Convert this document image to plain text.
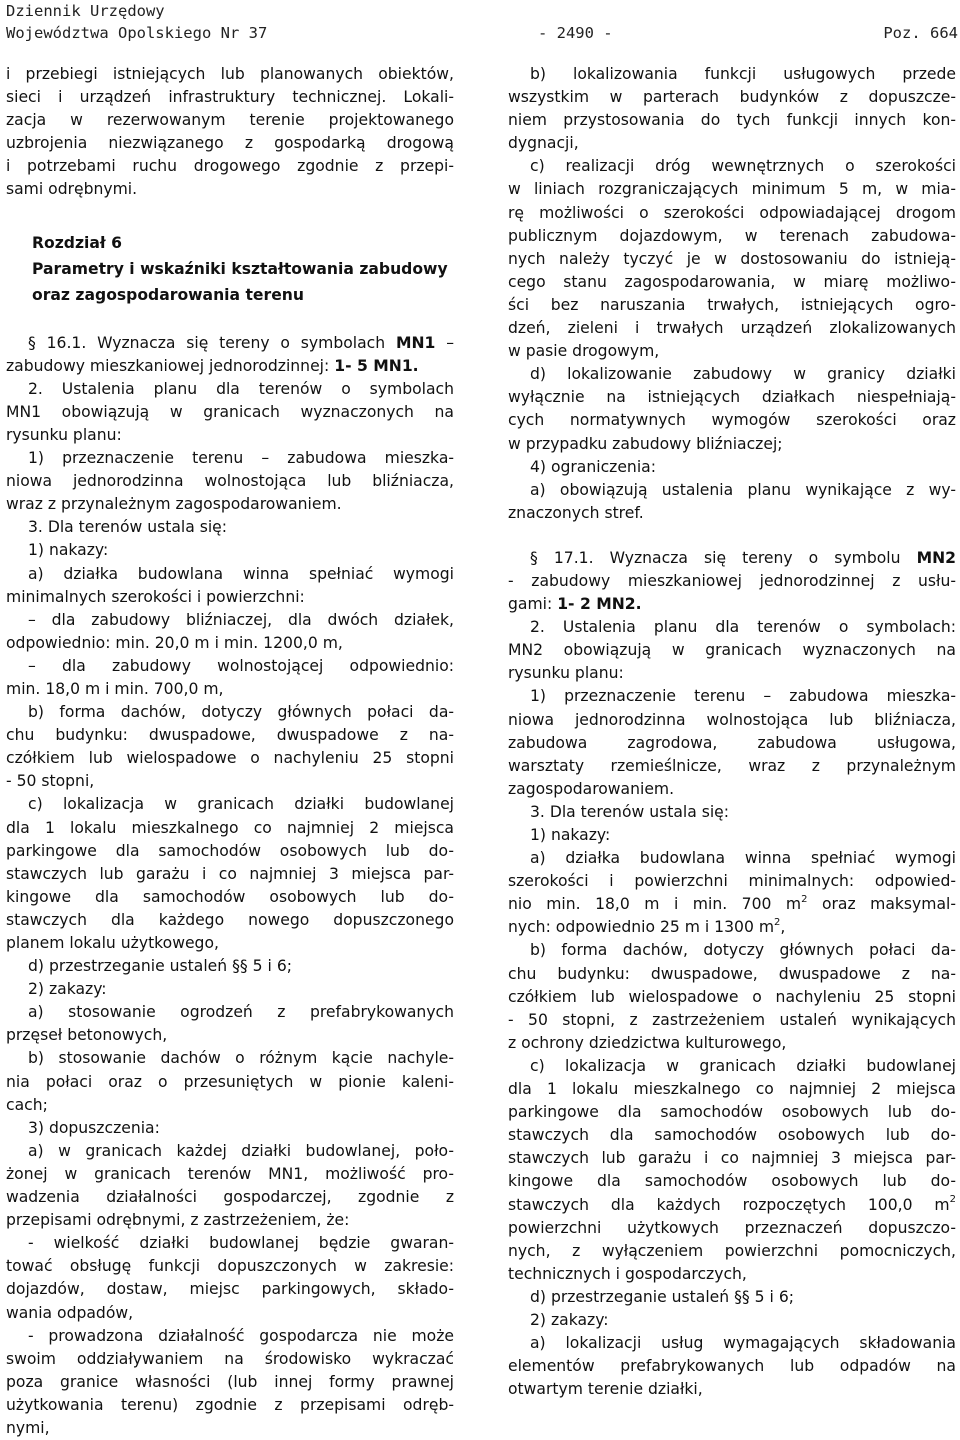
Dziennik Urzędowy
Województwa Opolskiego Nr 37	- 2490 -	Poz. 664

i przebiegi istniejących lub planowanych obiektów,

sieci i urządzeń infrastruktury technicznej. Lokali-

zacja w rezerwowanym terenie projektowanego

uzbrojenia niezwiązanego z gospodarką drogową

i potrzebami ruchu drogowego zgodnie z przepi-

sami odrębnymi.

Rozdział 6

Parametry i wskaźniki kształtowania zabudowy

oraz zagospodarowania terenu

§ 16.1. Wyznacza się tereny o symbolach MN1 –

zabudowy mieszkaniowej jednorodzinnej: 1- 5 MN1.

2. Ustalenia planu dla terenów o symbolach

MN1 obowiązują w granicach wyznaczonych na

rysunku planu:

1) przeznaczenie terenu – zabudowa mieszka-

niowa jednorodzinna wolnostojąca lub bliźniacza,

wraz z przynależnym zagospodarowaniem.

3. Dla terenów ustala się:

1) nakazy:

a) działka budowlana winna spełniać wymogi

minimalnych szerokości i powierzchni:

– dla zabudowy bliźniaczej, dla dwóch działek,

odpowiednio: min. 20,0 m i min. 1200,0 m,

– dla zabudowy wolnostojącej odpowiednio:

min. 18,0 m i min. 700,0 m,

b) forma dachów, dotyczy głównych połaci da-

chu budynku: dwuspadowe, dwuspadowe z na-

czółkiem lub wielospadowe o nachyleniu 25 stopni

- 50 stopni,

c) lokalizacja w granicach działki budowlanej

dla 1 lokalu mieszkalnego co najmniej 2 miejsca

parkingowe dla samochodów osobowych lub do-

stawczych lub garażu i co najmniej 3 miejsca par-

kingowe dla samochodów osobowych lub do-

stawczych dla każdego nowego dopuszczonego

planem lokalu użytkowego,

d) przestrzeganie ustaleń §§ 5 i 6;

2) zakazy:

a) stosowanie ogrodzeń z prefabrykowanych

przęseł betonowych,

b) stosowanie dachów o różnym kącie nachyle-

nia połaci oraz o przesuniętych w pionie kaleni-

cach;

3) dopuszczenia:

a) w granicach każdej działki budowlanej, poło-

żonej w granicach terenów MN1, możliwość pro-

wadzenia działalności gospodarczej, zgodnie z

przepisami odrębnymi, z zastrzeżeniem, że:

- wielkość działki budowlanej będzie gwaran-

tować obsługę funkcji dopuszczonych w zakresie:

dojazdów, dostaw, miejsc parkingowych, składo-

wania odpadów,

- prowadzona działalność gospodarcza nie może

swoim oddziaływaniem na środowisko wykraczać

poza granice własności (lub innej formy prawnej

użytkowania terenu) zgodnie z przepisami odręb-

nymi,

b) lokalizowania funkcji usługowych przede

wszystkim w parterach budynków z dopuszcze-

niem przystosowania do tych funkcji innych kon-

dygnacji,

c) realizacji dróg wewnętrznych o szerokości

w liniach rozgraniczających minimum 5 m, w mia-

rę możliwości o szerokości odpowiadającej drogom

publicznym dojazdowym, w terenach zabudowa-

nych należy tyczyć je w dostosowaniu do istnieją-

cego stanu zagospodarowania, w miarę możliwo-

ści bez naruszania trwałych, istniejących ogro-

dzeń, zieleni i trwałych urządzeń zlokalizowanych

w pasie drogowym,

d) lokalizowanie zabudowy w granicy działki

wyłącznie na istniejących działkach niespełniają-

cych normatywnych wymogów szerokości oraz

w przypadku zabudowy bliźniaczej;

4) ograniczenia:

a) obowiązują ustalenia planu wynikające z wy-

znaczonych stref.

§ 17.1. Wyznacza się tereny o symbolu MN2

- zabudowy mieszkaniowej jednorodzinnej z usłu-

gami: 1- 2 MN2.

2. Ustalenia planu dla terenów o symbolach:

MN2 obowiązują w granicach wyznaczonych na

rysunku planu:

1) przeznaczenie terenu – zabudowa mieszka-

niowa jednorodzinna wolnostojąca lub bliźniacza,

zabudowa zagrodowa, zabudowa usługowa,

warsztaty rzemieślnicze, wraz z przynależnym

zagospodarowaniem.

3. Dla terenów ustala się:

1) nakazy:

a) działka budowlana winna spełniać wymogi

szerokości i powierzchni minimalnych: odpowied-

nio min. 18,0 m i min. 700 $m^2$ oraz maksymal-

nych: odpowiednio 25 m i 1300 $m^2$,

b) forma dachów, dotyczy głównych połaci da-

chu budynku: dwuspadowe, dwuspadowe z na-

czółkiem lub wielospadowe o nachyleniu 25 stopni

- 50 stopni, z zastrzeżeniem ustaleń wynikających

z ochrony dziedzictwa kulturowego,

c) lokalizacja w granicach działki budowlanej

dla 1 lokalu mieszkalnego co najmniej 2 miejsca

parkingowe dla samochodów osobowych lub do-

stawczych dla samochodów osobowych lub do-

stawczych lub garażu i co najmniej 3 miejsca par-

kingowe dla samochodów osobowych lub do-

stawczych dla każdych rozpoczętych 100,0 $m^2$

powierzchni użytkowych przeznaczeń dopuszczo-

nych, z wyłączeniem powierzchni pomocniczych,

technicznych i gospodarczych,

d) przestrzeganie ustaleń §§ 5 i 6;

2) zakazy:

a) lokalizacji usług wymagających składowania

elementów prefabrykowanych lub odpadów na

otwartym terenie działki,
